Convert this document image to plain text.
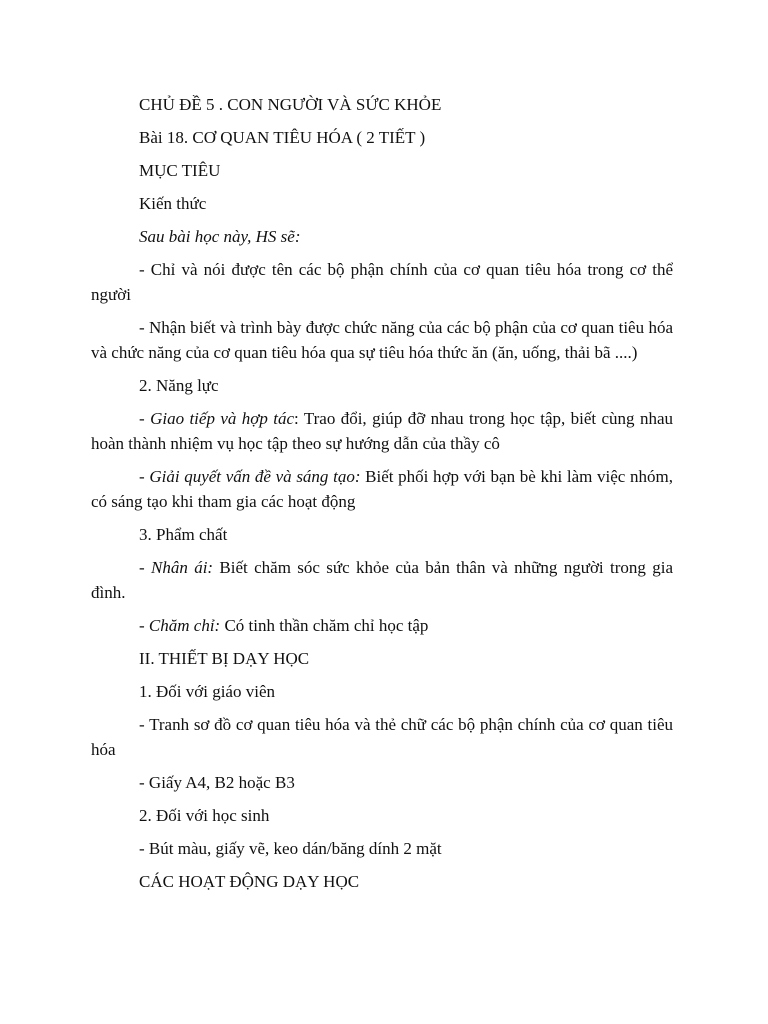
CHỦ ĐỀ 5 . CON NGƯỜI VÀ SỨC KHỎE

Bài 18. CƠ QUAN TIÊU HÓA ( 2 TIẾT )

MỤC TIÊU

Kiến thức

Sau bài học này, HS sẽ:

- Chỉ và nói được tên các bộ phận chính của cơ quan tiêu hóa trong cơ thể người

- Nhận biết và trình bày được chức năng của các bộ phận của cơ quan tiêu hóa và chức năng của cơ quan tiêu hóa qua sự tiêu hóa thức ăn (ăn, uống, thải bã ....)

2. Năng lực

- Giao tiếp và hợp tác: Trao đổi, giúp đỡ nhau trong học tập, biết cùng nhau hoàn thành nhiệm vụ học tập theo sự hướng dẫn của thầy cô

- Giải quyết vấn đề và sáng tạo: Biết phối hợp với bạn bè khi làm việc nhóm, có sáng tạo khi tham gia các hoạt động

3. Phẩm chất

- Nhân ái: Biết chăm sóc sức khỏe của bản thân và những người trong gia đình.

- Chăm chỉ: Có tinh thần chăm chỉ học tập

II. THIẾT BỊ DẠY HỌC

1. Đối với giáo viên

- Tranh sơ đồ cơ quan tiêu hóa và thẻ chữ các bộ phận chính của cơ quan tiêu hóa

- Giấy A4, B2 hoặc B3

2. Đối với học sinh

- Bút màu, giấy vẽ, keo dán/băng dính 2 mặt

CÁC HOẠT ĐỘNG DẠY HỌC
